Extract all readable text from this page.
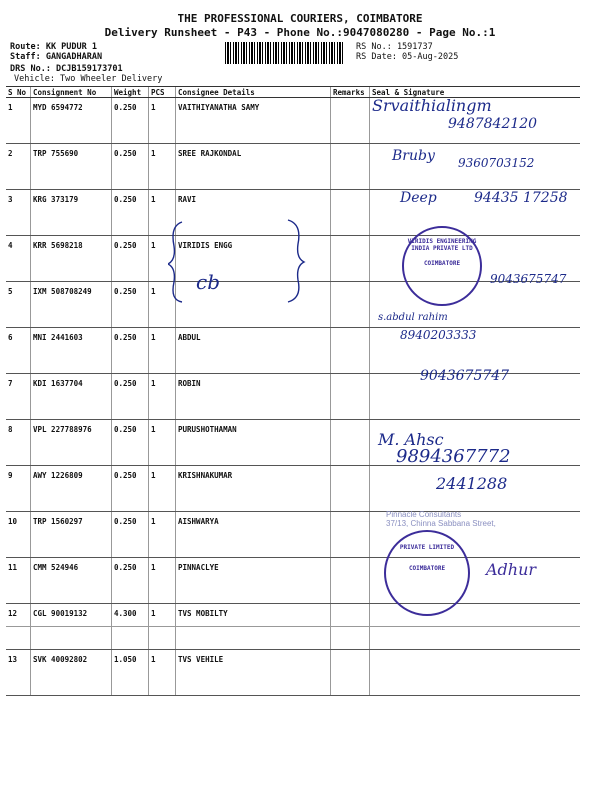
THE PROFESSIONAL COURIERS, COIMBATORE
Delivery Runsheet - P43 - Phone No.:9047080280 - Page No.:1
Route: KK PUDUR 1
Staff: GANGADHARAN
DRS No.: DCJB159173701
Vehicle: Two Wheeler Delivery
RS No.: 1591737
RS Date: 05-Aug-2025
S No	Consignment No	Weight	PCS	Consignee Details	Remarks	Seal & Signature
1	MYD 6594772	0.250	1	VAITHIYANATHA SAMY		
2	TRP 755690	0.250	1	SREE RAJKONDAL		
3	KRG 373179	0.250	1	RAVI		
4	KRR 5698218	0.250	1	VIRIDIS ENGG		
5	IXM 508708249	0.250	1			
6	MNI 2441603	0.250	1	ABDUL		
7	KDI 1637704	0.250	1	ROBIN		
8	VPL 227788976	0.250	1	PURUSHOTHAMAN		
9	AWY 1226809	0.250	1	KRISHNAKUMAR		
10	TRP 1560297	0.250	1	AISHWARYA		
11	CMM 524946	0.250	1	PINNACLYE		
12	CGL 90019132	4.300	1	TVS MOBILTY		
13	SVK 40092802	1.050	1	TVS VEHILE		
Srvaithialingm
9487842120
Bruby 9360703152
Deep	94435 17258
9043675747
s.abdul rahim
8940203333
9043675747
M. Ahsc
9894367772
2441288
cb
VIRIDIS ENGINEERING INDIA PRIVATE LTD
COIMBATORE
Pinnacle Consultants
37/13, Chinna Sabbana Street,
PRIVATE LIMITED
COIMBATORE	Adhur
